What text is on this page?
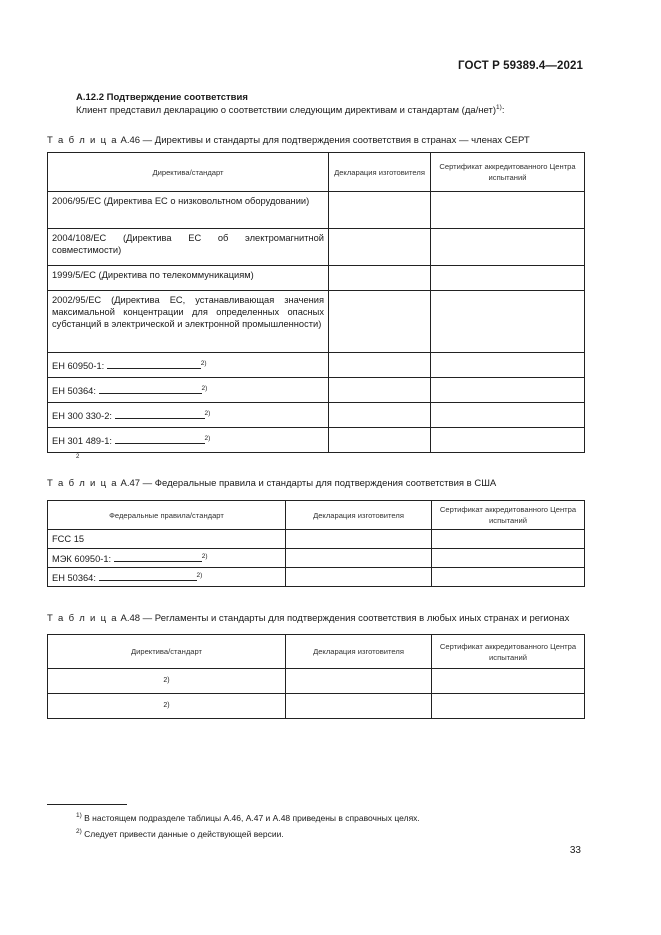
ГОСТ Р 59389.4—2021
А.12.2 Подтверждение соответствия
Клиент представил декларацию о соответствии следующим директивам и стандартам $(да/нет)^{1)}$:
Т а б л и ц а А.46 — Директивы и стандарты для подтверждения соответствия в странах — членах СЕРТ
Директива/стандарт	Декларация изготовителя	Сертификат аккредитованного Центра испытаний
2006/95/ЕС (Директива ЕС о низковольтном оборудовании)		
2004/108/ЕС (Директива ЕС об электромагнитной совместимости)		
1999/5/ЕС (Директива по телекоммуникациям)		
2002/95/ЕС (Директива ЕС, устанавливающая значения максимальной концентрации для определенных опасных субстанций в электрической и электронной промышленности)		
ЕН 60950-1: $^{2)}$		
ЕН 50364: $^{2)}$		
ЕН 300 330-2: $^{2)}$		
ЕН 301 489-1: $^{2)}$		
2
Т а б л и ц а А.47 — Федеральные правила и стандарты для подтверждения соответствия в США
Федеральные правила/стандарт	Декларация изготовителя	Сертификат аккредитованного Центра испытаний
FCC 15		
МЭК 60950-1: $^{2)}$		
ЕН 50364: $^{2)}$		
Т а б л и ц а А.48 — Регламенты и стандарты для подтверждения соответствия в любых иных странах и регионах
Директива/стандарт	Декларация изготовителя	Сертификат аккредитованного Центра испытаний
2)		
2)		
$^{1)}$ В настоящем подразделе таблицы А.46, А.47 и А.48 приведены в справочных целях.
$^{2)}$ Следует привести данные о действующей версии.
33
